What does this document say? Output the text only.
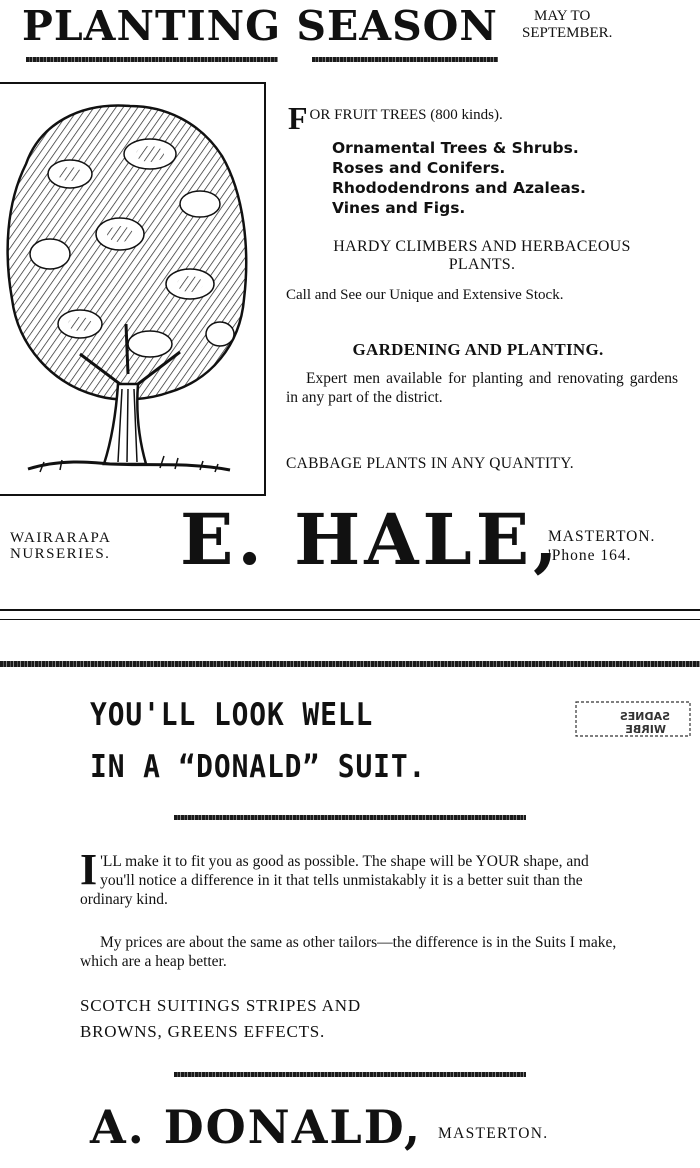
PLANTING SEASON	MAY TO
SEPTEMBER.
FOR FRUIT TREES (800 kinds).
Ornamental Trees & Shrubs.
Roses and Conifers.
Rhododendrons and Azaleas.
Vines and Figs.
HARDY CLIMBERS AND HERBACEOUS
PLANTS.
Call and See our Unique and Extensive Stock.
GARDENING AND PLANTING.
Expert men available for planting and renovating gardens in any part of the district.
CABBAGE PLANTS IN ANY QUANTITY.
WAIRARAPA
NURSERIES. E. HALE,
MASTERTON.
'Phone 164.
YOU'LL LOOK WELL
IN A “DONALD” SUIT.
SADNES
WIRBE
I 'LL make it to fit you as good as possible. The shape will be YOUR shape, and you'll notice a difference in it that tells unmistakably it is a better suit than the ordinary kind.
My prices are about the same as other tailors—the difference is in the Suits I make, which are a heap better.
SCOTCH SUITINGS STRIPES AND
BROWNS, GREENS EFFECTS.
A. DONALD, MASTERTON.
